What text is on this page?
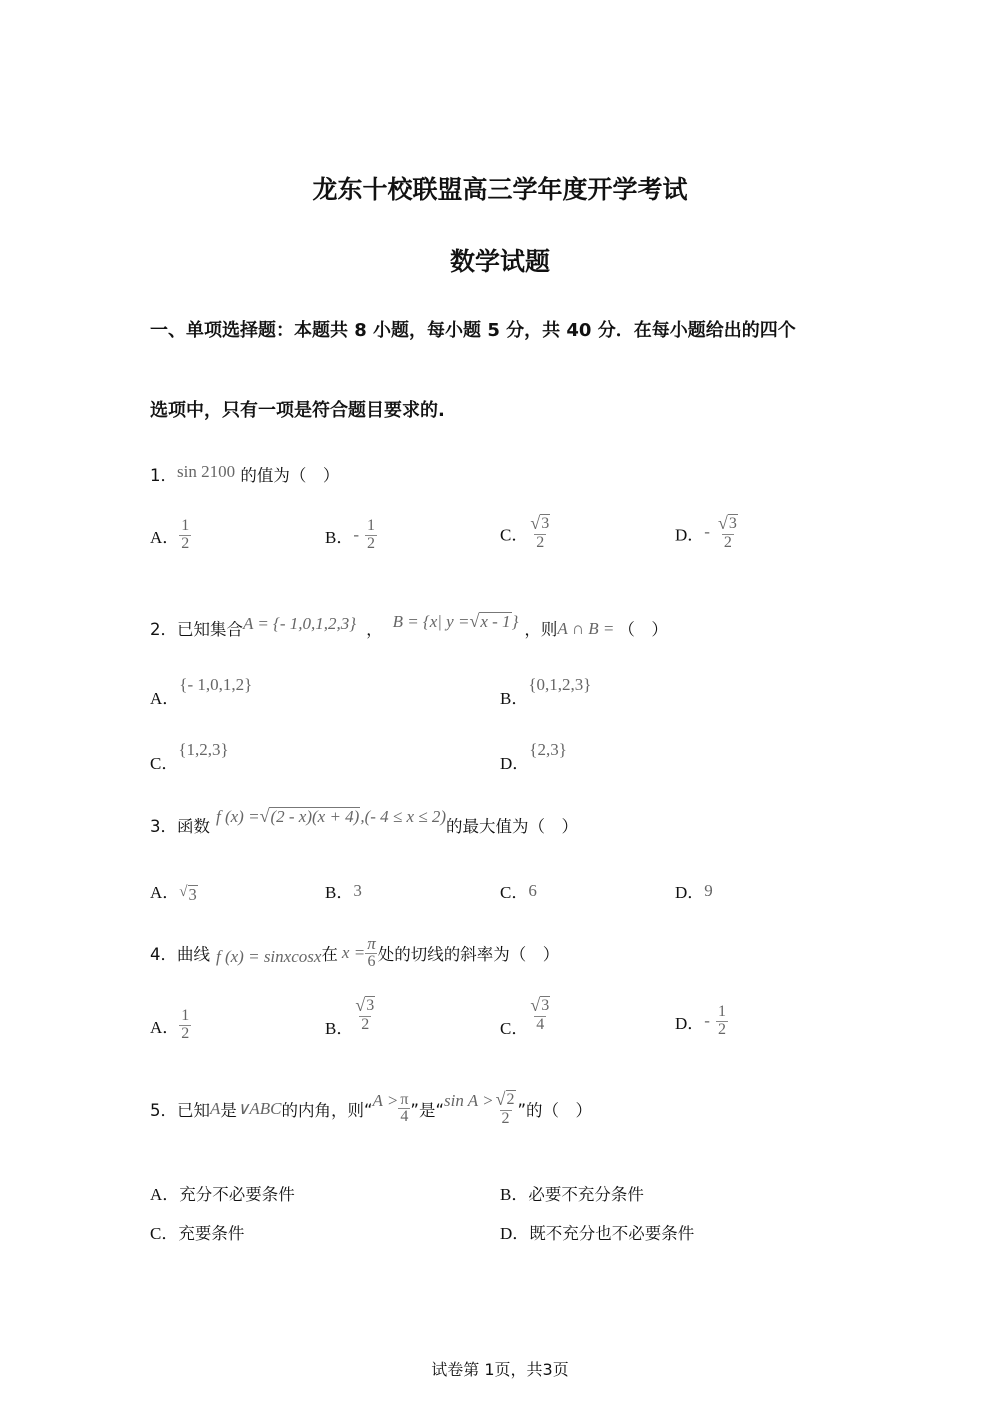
龙东十校联盟高三学年度开学考试
数学试题
一、单项选择题：本题共 8 小题，每小题 5 分，共 40 分．在每小题给出的四个
选项中，只有一项是符合题目要求的.
1．sin 2100 的值为（　）
A． $\frac{1}{2}$	B．- $\frac{1}{2}$	C． $\frac{√ 3}{2}$	D．- $\frac{√ 3}{2}$
2．已知集合A = {- 1,0,1,2,3} ， B = {x| y = √ x - 1 } ，则A ∩ B = （　）
A．{- 1,0,1,2}
B．{0,1,2,3}
C．{1,2,3}
D．{2,3}
3．函数f (x) = √ (2 - x)(x + 4) ,(- 4 ≤ x ≤ 2)的最大值为（　）
A． √ 3	B．3	C．6	D．9
4．曲线 f (x) = sinxcosx在 $x = \frac{\pi}{6}$ 处的切线的斜率为（　）
A． $\frac{1}{2}$	B． $\frac{√ 3}{2}$	C． $\frac{√ 3}{4}$	D．- $\frac{1}{2}$
5．已知A是∨ABC的内角，则“$A > \frac{\pi}{4}$ ”是“sin $A > \frac{√ 2}{2}$ ”的（　）
A．充分不必要条件	B．必要不充分条件
C．充要条件	D．既不充分也不必要条件
试卷第 1页，共3页
